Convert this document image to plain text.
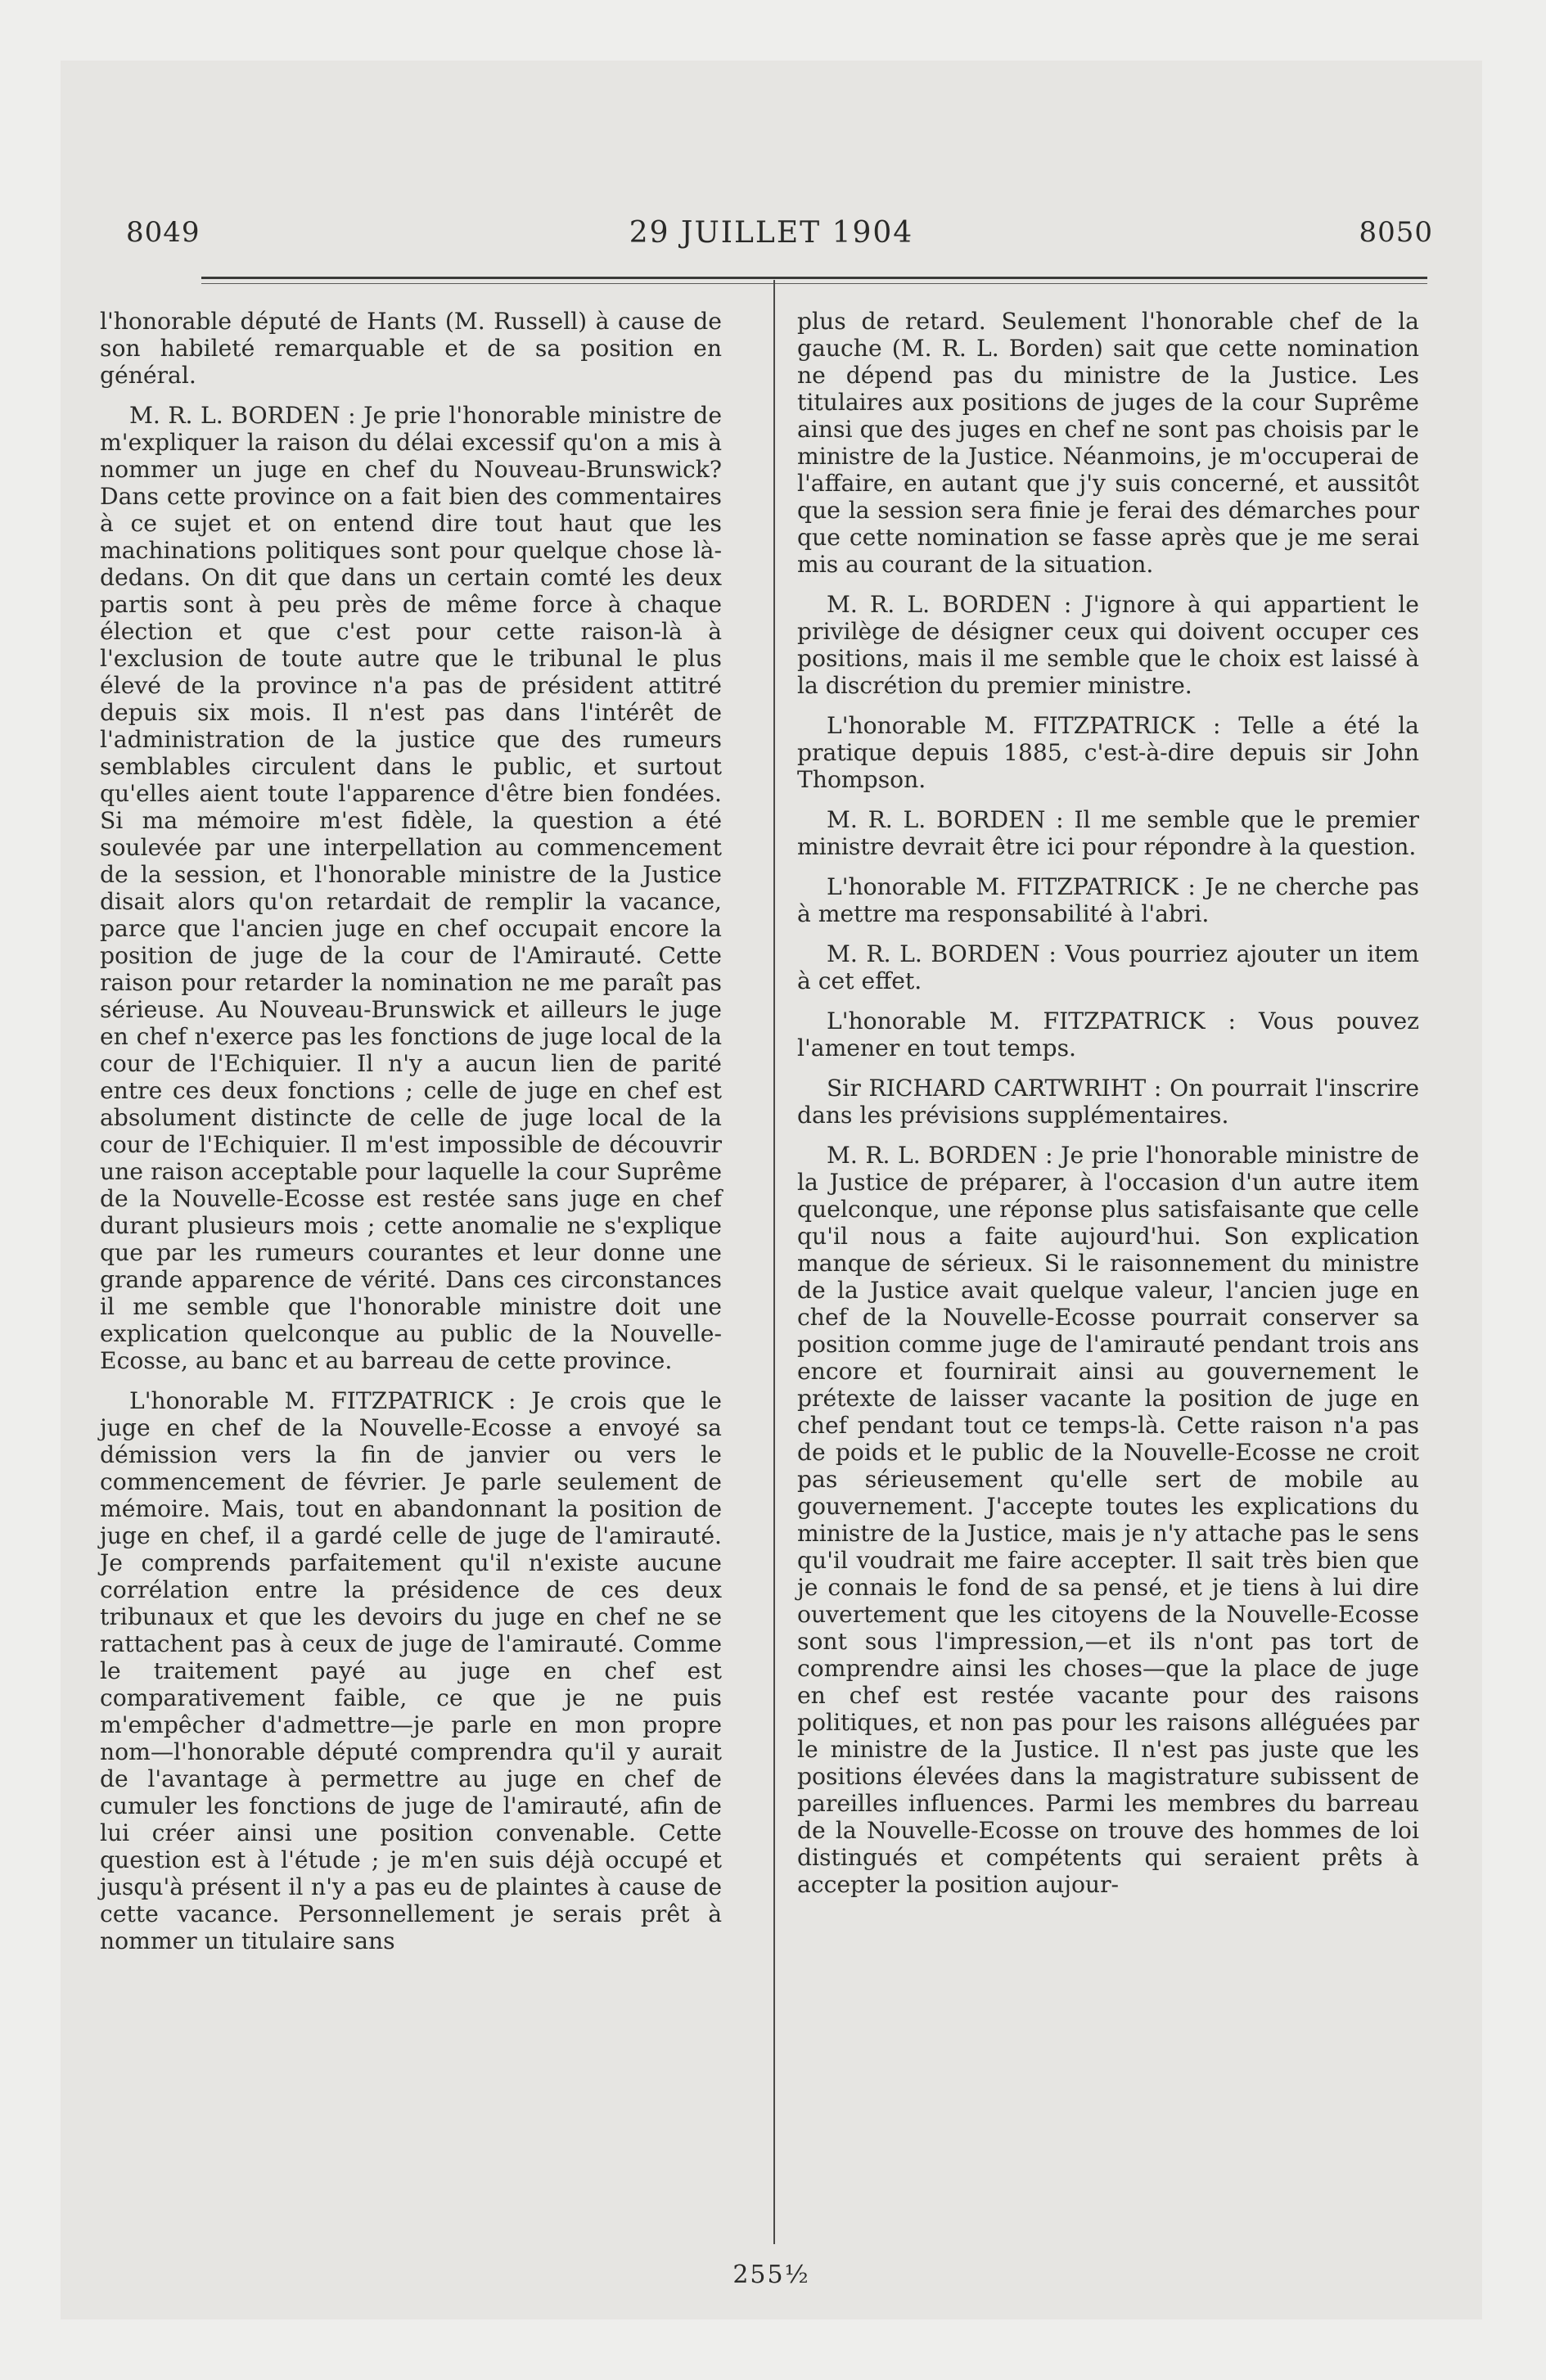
8049	29 JUILLET 1904	8050

l'honorable député de Hants (M. Russell) à cause de son habileté remarquable et de sa position en général.

M. R. L. BORDEN : Je prie l'honorable ministre de m'expliquer la raison du délai excessif qu'on a mis à nommer un juge en chef du Nouveau-Brunswick? Dans cette province on a fait bien des commentaires à ce sujet et on entend dire tout haut que les machinations politiques sont pour quelque chose là-dedans. On dit que dans un certain comté les deux partis sont à peu près de même force à chaque élection et que c'est pour cette raison-là à l'exclusion de toute autre que le tribunal le plus élevé de la province n'a pas de président attitré depuis six mois. Il n'est pas dans l'intérêt de l'administration de la justice que des rumeurs semblables circulent dans le public, et surtout qu'elles aient toute l'apparence d'être bien fondées. Si ma mémoire m'est fidèle, la question a été soulevée par une interpellation au commencement de la session, et l'honorable ministre de la Justice disait alors qu'on retardait de remplir la vacance, parce que l'ancien juge en chef occupait encore la position de juge de la cour de l'Amirauté. Cette raison pour retarder la nomination ne me paraît pas sérieuse. Au Nouveau-Brunswick et ailleurs le juge en chef n'exerce pas les fonctions de juge local de la cour de l'Echiquier. Il n'y a aucun lien de parité entre ces deux fonctions ; celle de juge en chef est absolument distincte de celle de juge local de la cour de l'Echiquier. Il m'est impossible de découvrir une raison acceptable pour laquelle la cour Suprême de la Nouvelle-Ecosse est restée sans juge en chef durant plusieurs mois ; cette anomalie ne s'explique que par les rumeurs courantes et leur donne une grande apparence de vérité. Dans ces circonstances il me semble que l'honorable ministre doit une explication quelconque au public de la Nouvelle-Ecosse, au banc et au barreau de cette province.

L'honorable M. FITZPATRICK : Je crois que le juge en chef de la Nouvelle-Ecosse a envoyé sa démission vers la fin de janvier ou vers le commencement de février. Je parle seulement de mémoire. Mais, tout en abandonnant la position de juge en chef, il a gardé celle de juge de l'amirauté. Je comprends parfaitement qu'il n'existe aucune corrélation entre la présidence de ces deux tribunaux et que les devoirs du juge en chef ne se rattachent pas à ceux de juge de l'amirauté. Comme le traitement payé au juge en chef est comparativement faible, ce que je ne puis m'empêcher d'admettre—je parle en mon propre nom—l'honorable député comprendra qu'il y aurait de l'avantage à permettre au juge en chef de cumuler les fonctions de juge de l'amirauté, afin de lui créer ainsi une position convenable. Cette question est à l'étude ; je m'en suis déjà occupé et jusqu'à présent il n'y a pas eu de plaintes à cause de cette vacance. Personnellement je serais prêt à nommer un titulaire sans

plus de retard. Seulement l'honorable chef de la gauche (M. R. L. Borden) sait que cette nomination ne dépend pas du ministre de la Justice. Les titulaires aux positions de juges de la cour Suprême ainsi que des juges en chef ne sont pas choisis par le ministre de la Justice. Néanmoins, je m'occuperai de l'affaire, en autant que j'y suis concerné, et aussitôt que la session sera finie je ferai des démarches pour que cette nomination se fasse après que je me serai mis au courant de la situation.

M. R. L. BORDEN : J'ignore à qui appartient le privilège de désigner ceux qui doivent occuper ces positions, mais il me semble que le choix est laissé à la discrétion du premier ministre.

L'honorable M. FITZPATRICK : Telle a été la pratique depuis 1885, c'est-à-dire depuis sir John Thompson.

M. R. L. BORDEN : Il me semble que le premier ministre devrait être ici pour répondre à la question.

L'honorable M. FITZPATRICK : Je ne cherche pas à mettre ma responsabilité à l'abri.

M. R. L. BORDEN : Vous pourriez ajouter un item à cet effet.

L'honorable M. FITZPATRICK : Vous pouvez l'amener en tout temps.

Sir RICHARD CARTWRIHT : On pourrait l'inscrire dans les prévisions supplémentaires.

M. R. L. BORDEN : Je prie l'honorable ministre de la Justice de préparer, à l'occasion d'un autre item quelconque, une réponse plus satisfaisante que celle qu'il nous a faite aujourd'hui. Son explication manque de sérieux. Si le raisonnement du ministre de la Justice avait quelque valeur, l'ancien juge en chef de la Nouvelle-Ecosse pourrait conserver sa position comme juge de l'amirauté pendant trois ans encore et fournirait ainsi au gouvernement le prétexte de laisser vacante la position de juge en chef pendant tout ce temps-là. Cette raison n'a pas de poids et le public de la Nouvelle-Ecosse ne croit pas sérieusement qu'elle sert de mobile au gouvernement. J'accepte toutes les explications du ministre de la Justice, mais je n'y attache pas le sens qu'il voudrait me faire accepter. Il sait très bien que je connais le fond de sa pensé, et je tiens à lui dire ouvertement que les citoyens de la Nouvelle-Ecosse sont sous l'impression,—et ils n'ont pas tort de comprendre ainsi les choses—que la place de juge en chef est restée vacante pour des raisons politiques, et non pas pour les raisons alléguées par le ministre de la Justice. Il n'est pas juste que les positions élevées dans la magistrature subissent de pareilles influences. Parmi les membres du barreau de la Nouvelle-Ecosse on trouve des hommes de loi distingués et compétents qui seraient prêts à accepter la position aujour-

255½
